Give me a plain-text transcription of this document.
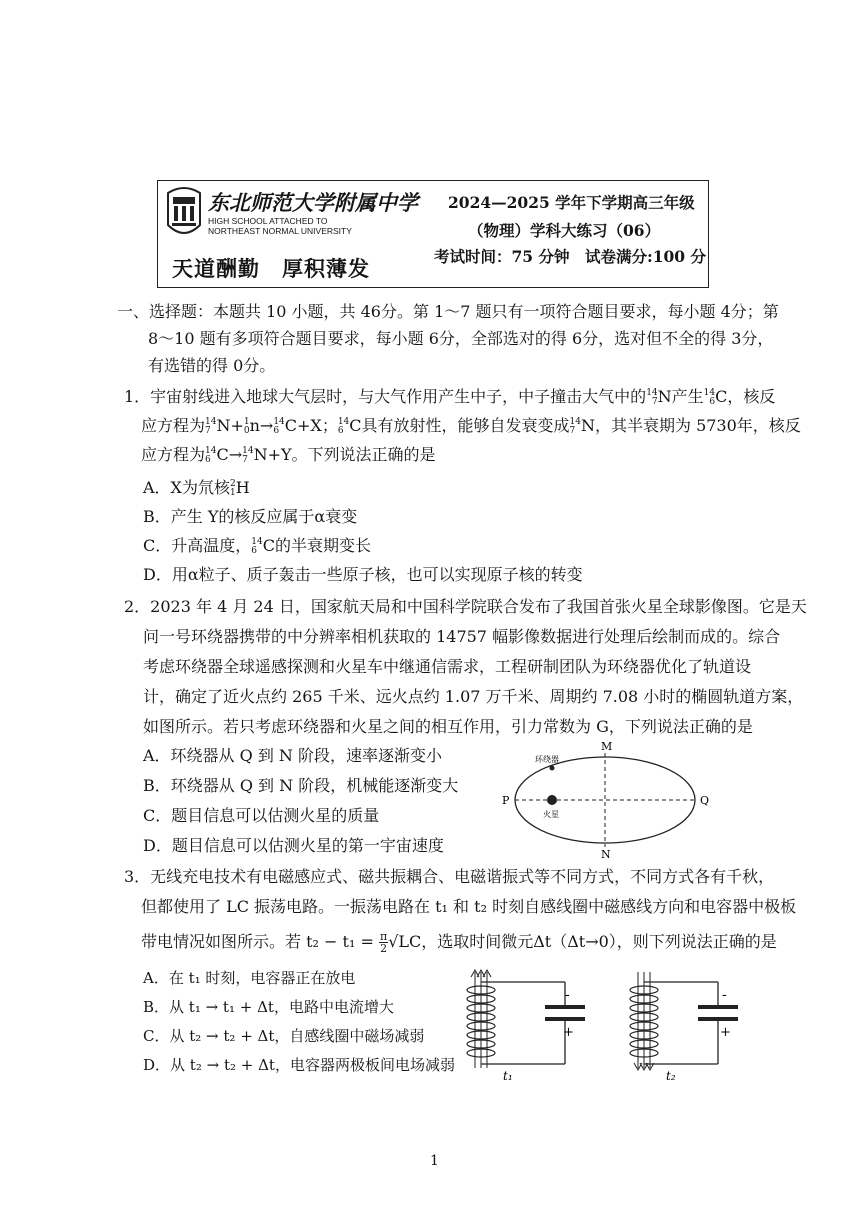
东北师范大学附属中学
HIGH SCHOOL ATTACHED TO
NORTHEAST NORMAL UNIVERSITY
天道酬勤　厚积薄发
2024—2025 学年下学期高三年级
（物理）学科大练习（06）
考试时间：75 分钟　试卷满分:100 分
一、选择题：本题共 10 小题，共 46分。第 1～7 题只有一项符合题目要求，每小题 4分；第
8～10 题有多项符合题目要求，每小题 6分，全部选对的得 6分，选对但不全的得 3分，
有选错的得 0分。
1．宇宙射线进入地球大气层时，与大气作用产生中子，中子撞击大气中的 14
7 N产生 14
6 C，核反
应方程为 14
7 N+ 1
0 n→ 14
6 C+X； 14
6 C具有放射性，能够自发衰变成 14
7 N，其半衰期为 5730年，核反
应方程为 14
6 C→ 14
7 N+Y。下列说法正确的是
A．X为氘核 2
1 H
B．产生 Y的核反应属于α衰变
C．升高温度， 14
6 C的半衰期变长
D．用α粒子、质子轰击一些原子核，也可以实现原子核的转变
2．2023 年 4 月 24 日，国家航天局和中国科学院联合发布了我国首张火星全球影像图。它是天
问一号环绕器携带的中分辨率相机获取的 14757 幅影像数据进行处理后绘制而成的。综合
考虑环绕器全球遥感探测和火星车中继通信需求，工程研制团队为环绕器优化了轨道设
计，确定了近火点约 265 千米、远火点约 1.07 万千米、周期约 7.08 小时的椭圆轨道方案，
如图所示。若只考虑环绕器和火星之间的相互作用，引力常数为 G，下列说法正确的是
A．环绕器从 Q 到 N 阶段，速率逐渐变小
B．环绕器从 Q 到 N 阶段，机械能逐渐变大
C．题目信息可以估测火星的质量
D．题目信息可以估测火星的第一宇宙速度
环绕器
火星
M
N
P	Q
3．无线充电技术有电磁感应式、磁共振耦合、电磁谐振式等不同方式，不同方式各有千秋，
但都使用了 LC 振荡电路。一振荡电路在 t₁ 和 t₂ 时刻自感线圈中磁感线方向和电容器中极板
带电情况如图所示。若 $t_2 - t_1 = \frac{\pi}{2} √LC$，选取时间微元Δt（Δt→0），则下列说法正确的是
A．在 t₁ 时刻，电容器正在放电
B．从 t₁ → t₁ + Δt，电路中电流增大
C．从 t₂ → t₂ + Δt，自感线圈中磁场减弱
D．从 t₂ → t₂ + Δt，电容器两极板间电场减弱
-
+
t₁
-
+
t₂
1
